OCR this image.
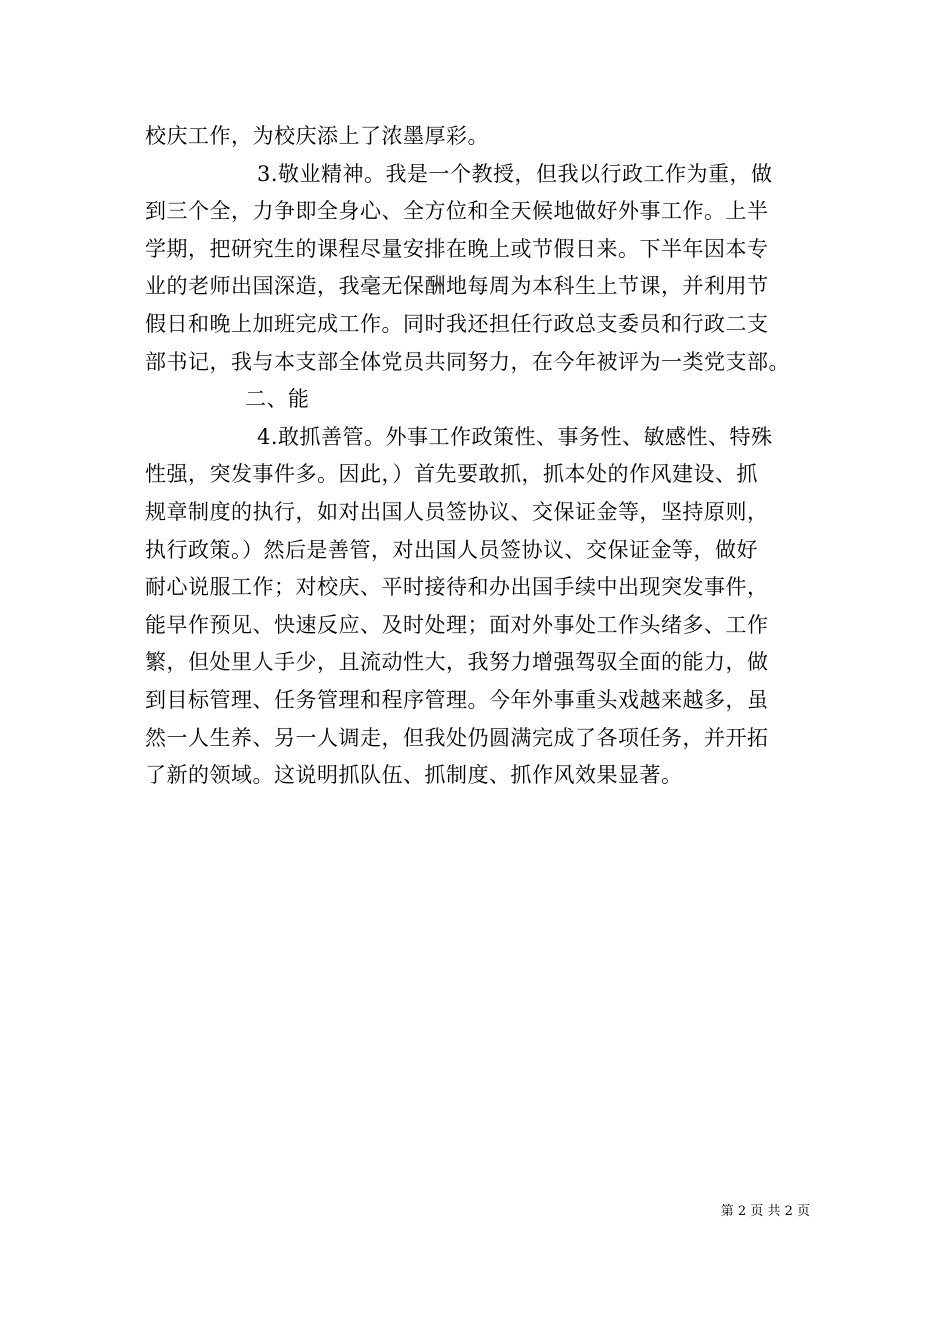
校庆工作，为校庆添上了浓墨厚彩。
3.敬业精神。我是一个教授，但我以行政工作为重，做
到三个全，力争即全身心、全方位和全天候地做好外事工作。上半
学期，把研究生的课程尽量安排在晚上或节假日来。下半年因本专
业的老师出国深造，我毫无保酬地每周为本科生上节课，并利用节
假日和晚上加班完成工作。同时我还担任行政总支委员和行政二支
部书记，我与本支部全体党员共同努力，在今年被评为一类党支部。
二、能
4.敢抓善管。外事工作政策性、事务性、敏感性、特殊
性强，突发事件多。因此，）首先要敢抓，抓本处的作风建设、抓
规章制度的执行，如对出国人员签协议、交保证金等，坚持原则，
执行政策。）然后是善管，对出国人员签协议、交保证金等，做好
耐心说服工作；对校庆、平时接待和办出国手续中出现突发事件，
能早作预见、快速反应、及时处理；面对外事处工作头绪多、工作
繁，但处里人手少，且流动性大，我努力增强驾驭全面的能力，做
到目标管理、任务管理和程序管理。今年外事重头戏越来越多，虽
然一人生养、另一人调走，但我处仍圆满完成了各项任务，并开拓
了新的领域。这说明抓队伍、抓制度、抓作风效果显著。
第 2 页 共 2 页
